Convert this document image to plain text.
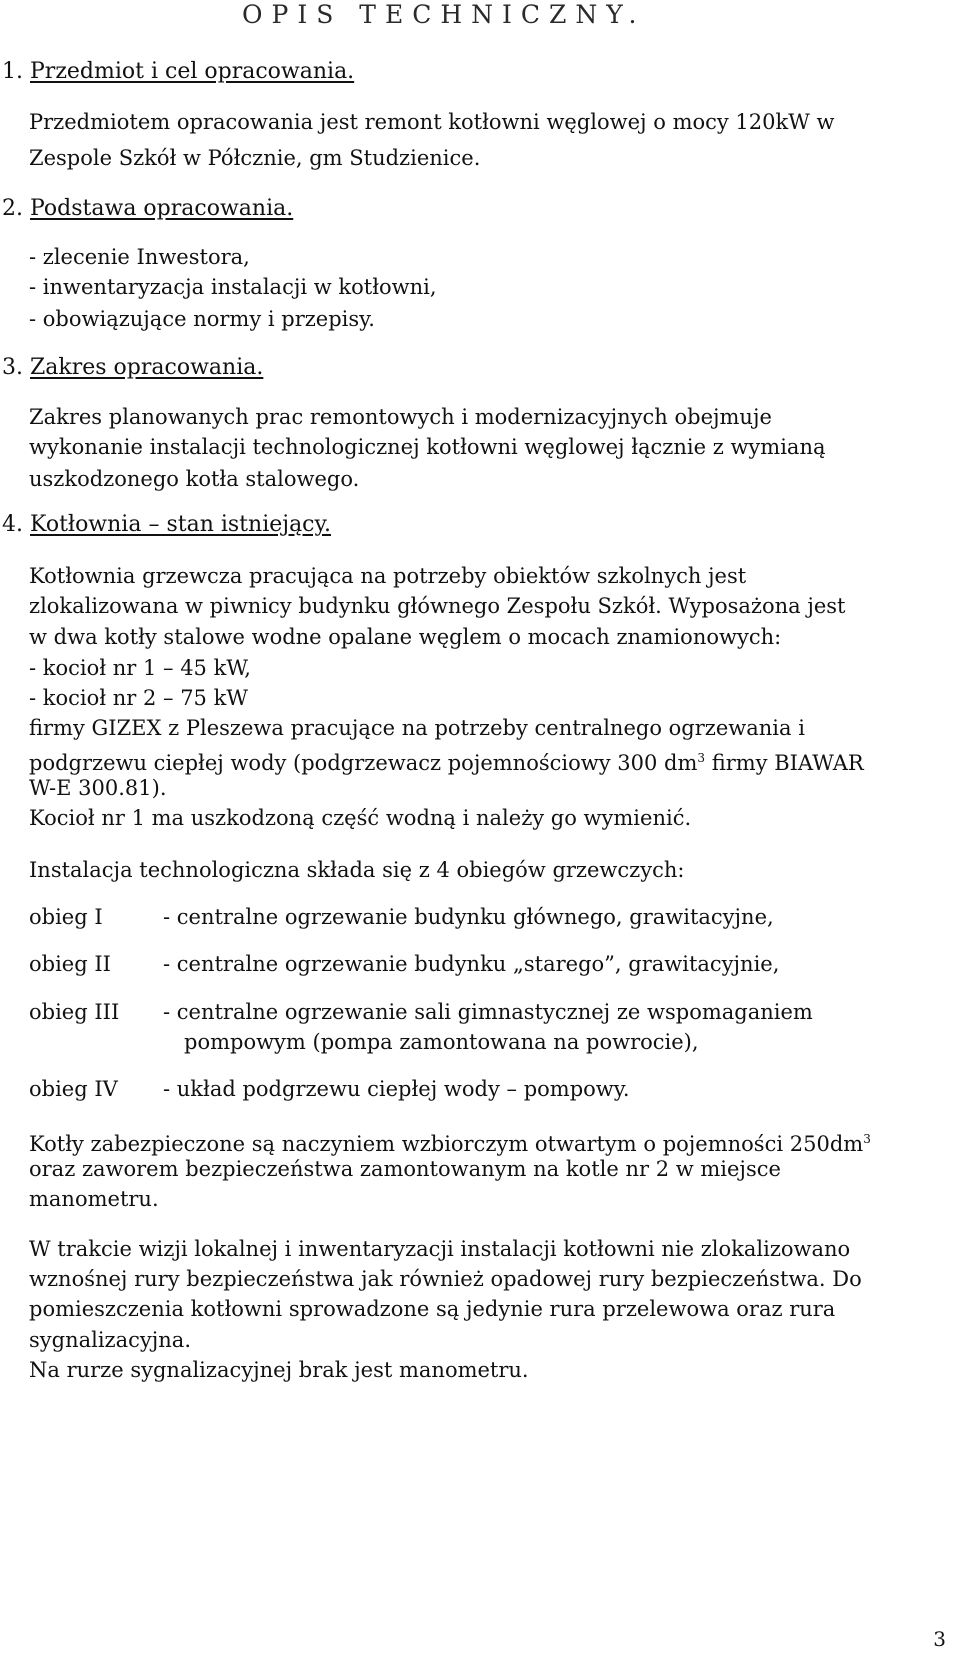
OPIS TECHNICZNY.
1. Przedmiot i cel opracowania.
Przedmiotem opracowania jest remont kotłowni węglowej o mocy 120kW w
Zespole Szkół w Półcznie, gm Studzienice.
2. Podstawa opracowania.
- zlecenie Inwestora,
- inwentaryzacja instalacji w kotłowni,
- obowiązujące normy i przepisy.
3. Zakres opracowania.
Zakres planowanych prac remontowych i modernizacyjnych obejmuje
wykonanie instalacji technologicznej kotłowni węglowej łącznie z wymianą
uszkodzonego kotła stalowego.
4. Kotłownia – stan istniejący.
Kotłownia grzewcza pracująca na potrzeby obiektów szkolnych jest
zlokalizowana w piwnicy budynku głównego Zespołu Szkół. Wyposażona jest
w dwa kotły stalowe wodne opalane węglem o mocach znamionowych:
- kocioł nr 1 – 45 kW,
- kocioł nr 2 – 75 kW
firmy GIZEX z Pleszewa pracujące na potrzeby centralnego ogrzewania i
podgrzewu ciepłej wody (podgrzewacz pojemnościowy 300 $dm^3$ firmy BIAWAR
W-E 300.81).
Kocioł nr 1 ma uszkodzoną część wodną i należy go wymienić.
Instalacja technologiczna składa się z 4 obiegów grzewczych:
obieg I	- centralne ogrzewanie budynku głównego, grawitacyjne,
obieg II - centralne ogrzewanie budynku „starego”, grawitacyjnie,
obieg III - centralne ogrzewanie sali gimnastycznej ze wspomaganiem
pompowym (pompa zamontowana na powrocie),
obieg IV - układ podgrzewu ciepłej wody – pompowy.
Kotły zabezpieczone są naczyniem wzbiorczym otwartym o pojemności $250dm^3$
oraz zaworem bezpieczeństwa zamontowanym na kotle nr 2 w miejsce
manometru.
W trakcie wizji lokalnej i inwentaryzacji instalacji kotłowni nie zlokalizowano
wznośnej rury bezpieczeństwa jak również opadowej rury bezpieczeństwa. Do
pomieszczenia kotłowni sprowadzone są jedynie rura przelewowa oraz rura
sygnalizacyjna.
Na rurze sygnalizacyjnej brak jest manometru.
3
